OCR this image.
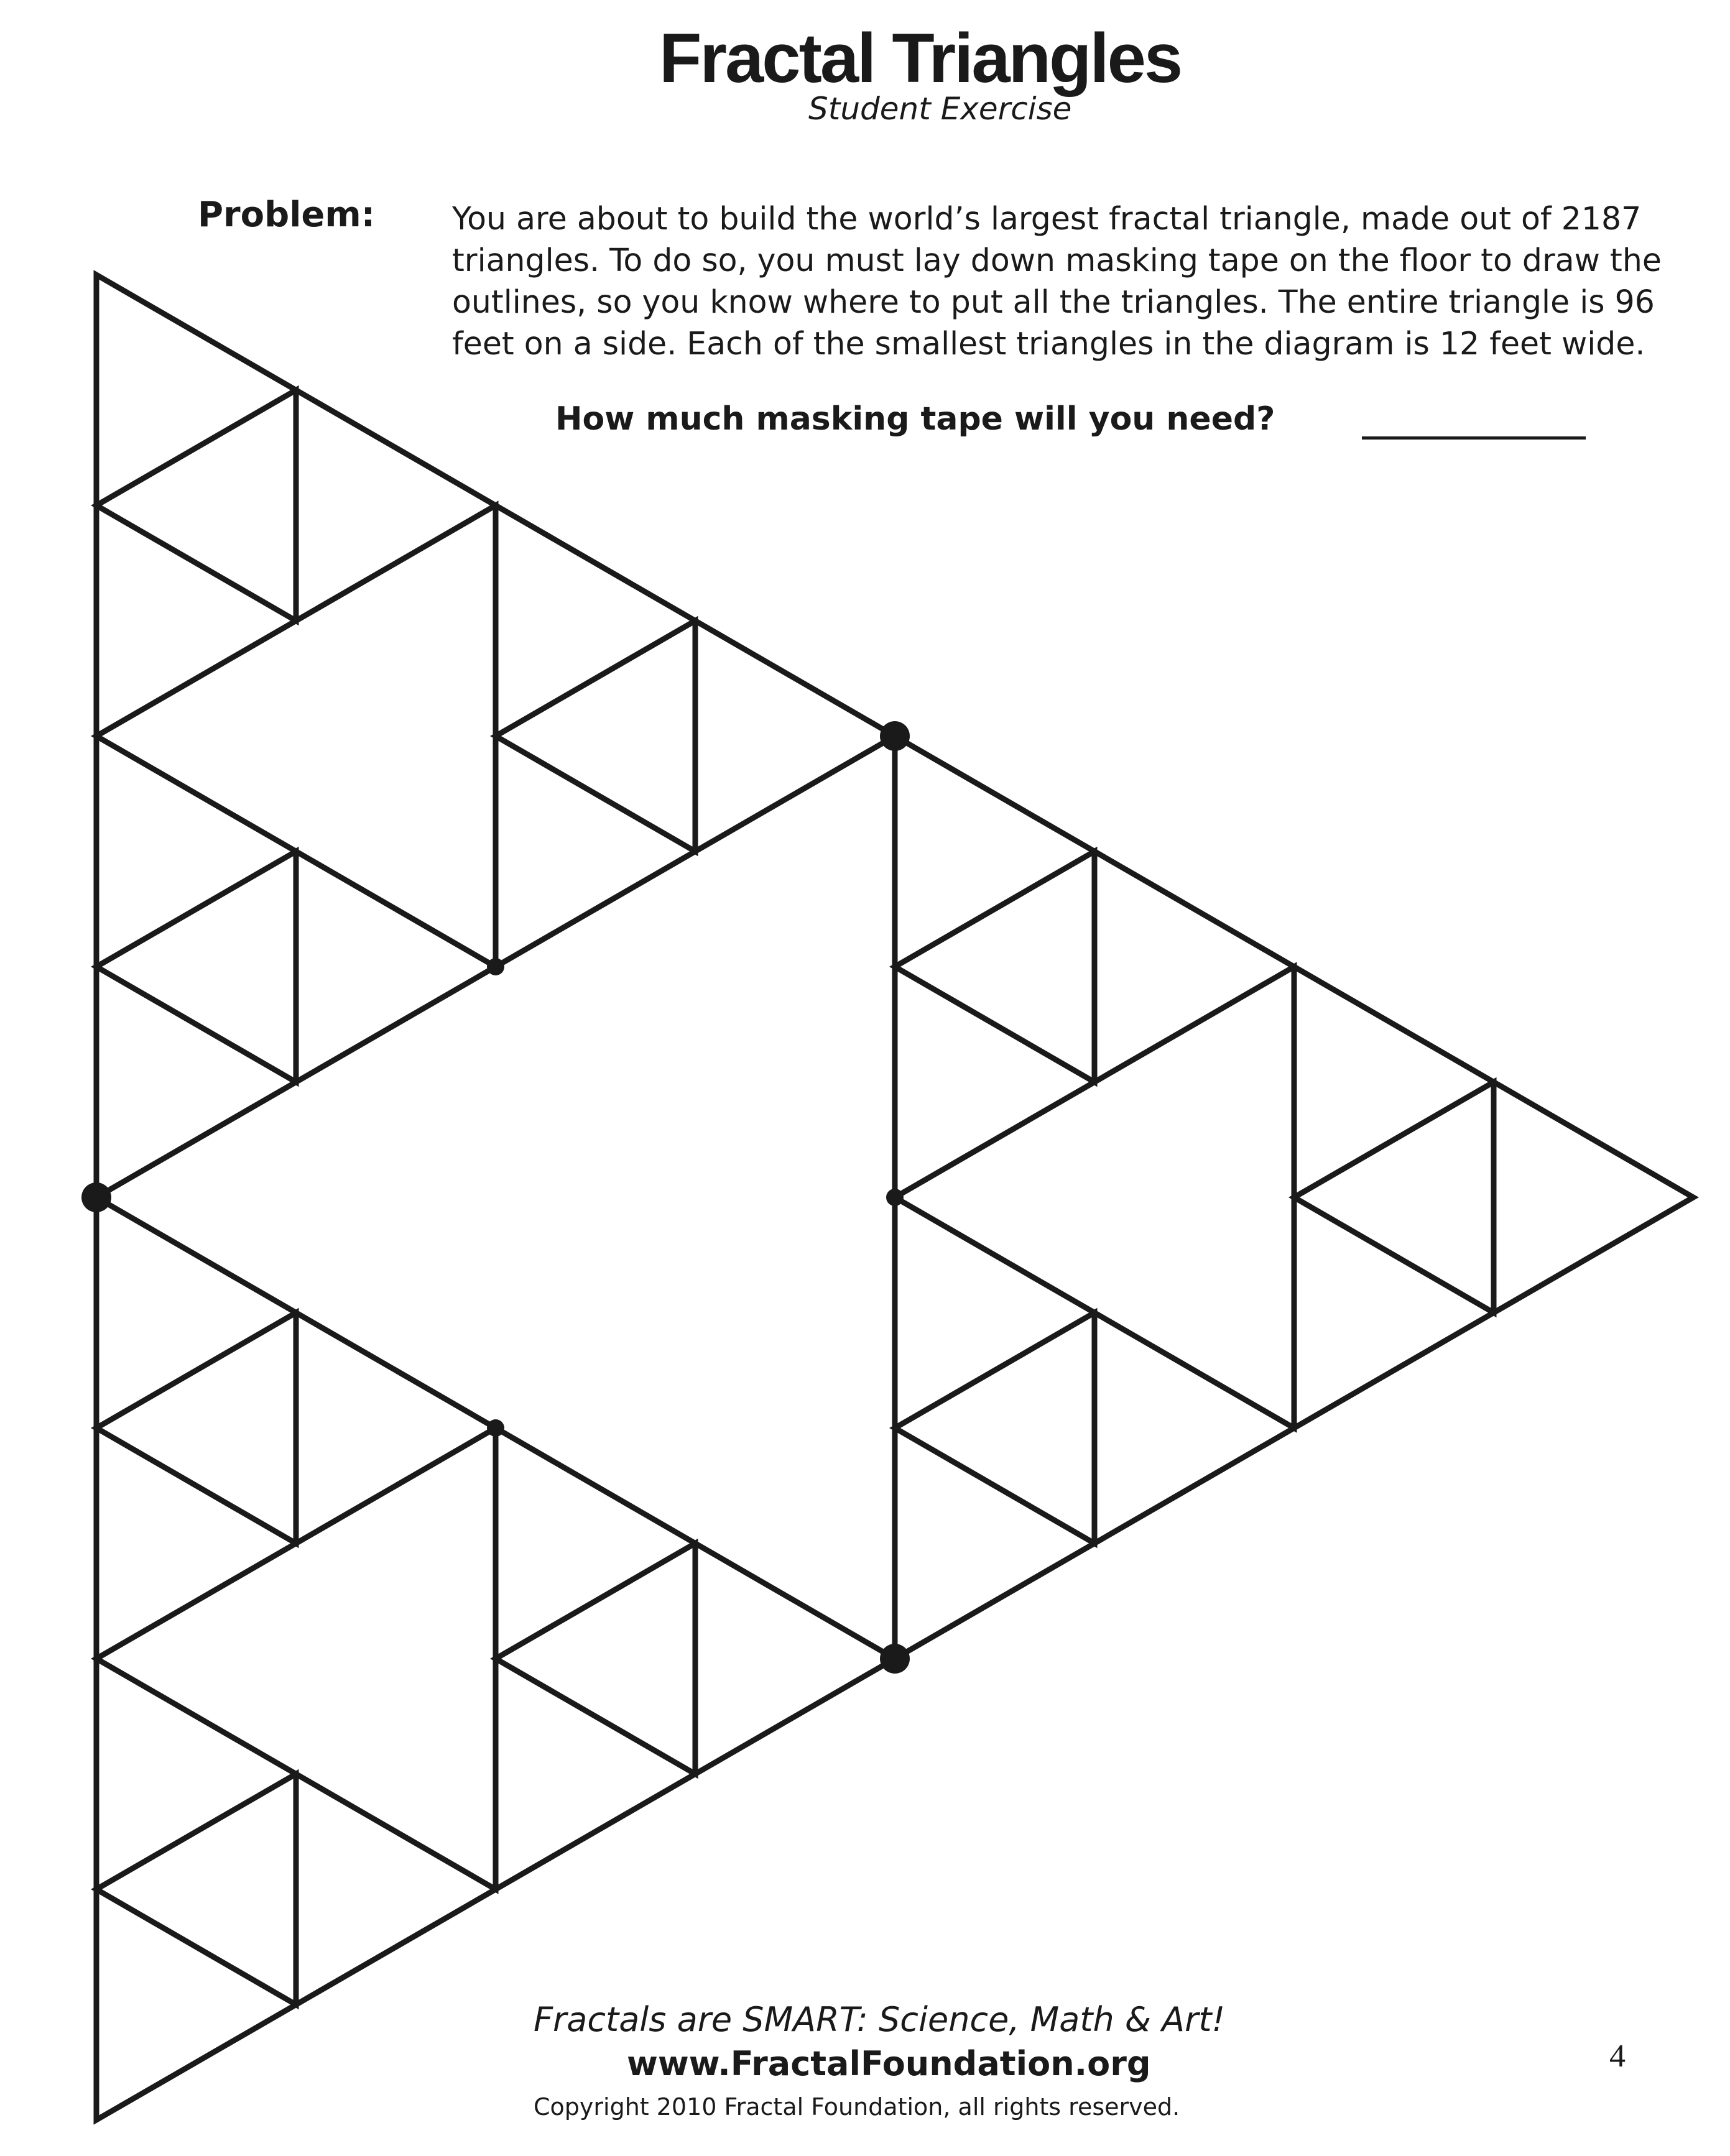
Fractal Triangles
Student Exercise
Problem: You are about to build the world’s largest fractal triangle, made out of 2187 triangles. To do so, you must lay down masking tape on the floor to draw the outlines, so you know where to put all the triangles. The entire triangle is 96 feet on a side. Each of the smallest triangles in the diagram is 12 feet wide.

How much masking tape will you need?
Fractals are SMART: Science, Math & Art!
www.FractalFoundation.org
Copyright 2010 Fractal Foundation, all rights reserved.
4
